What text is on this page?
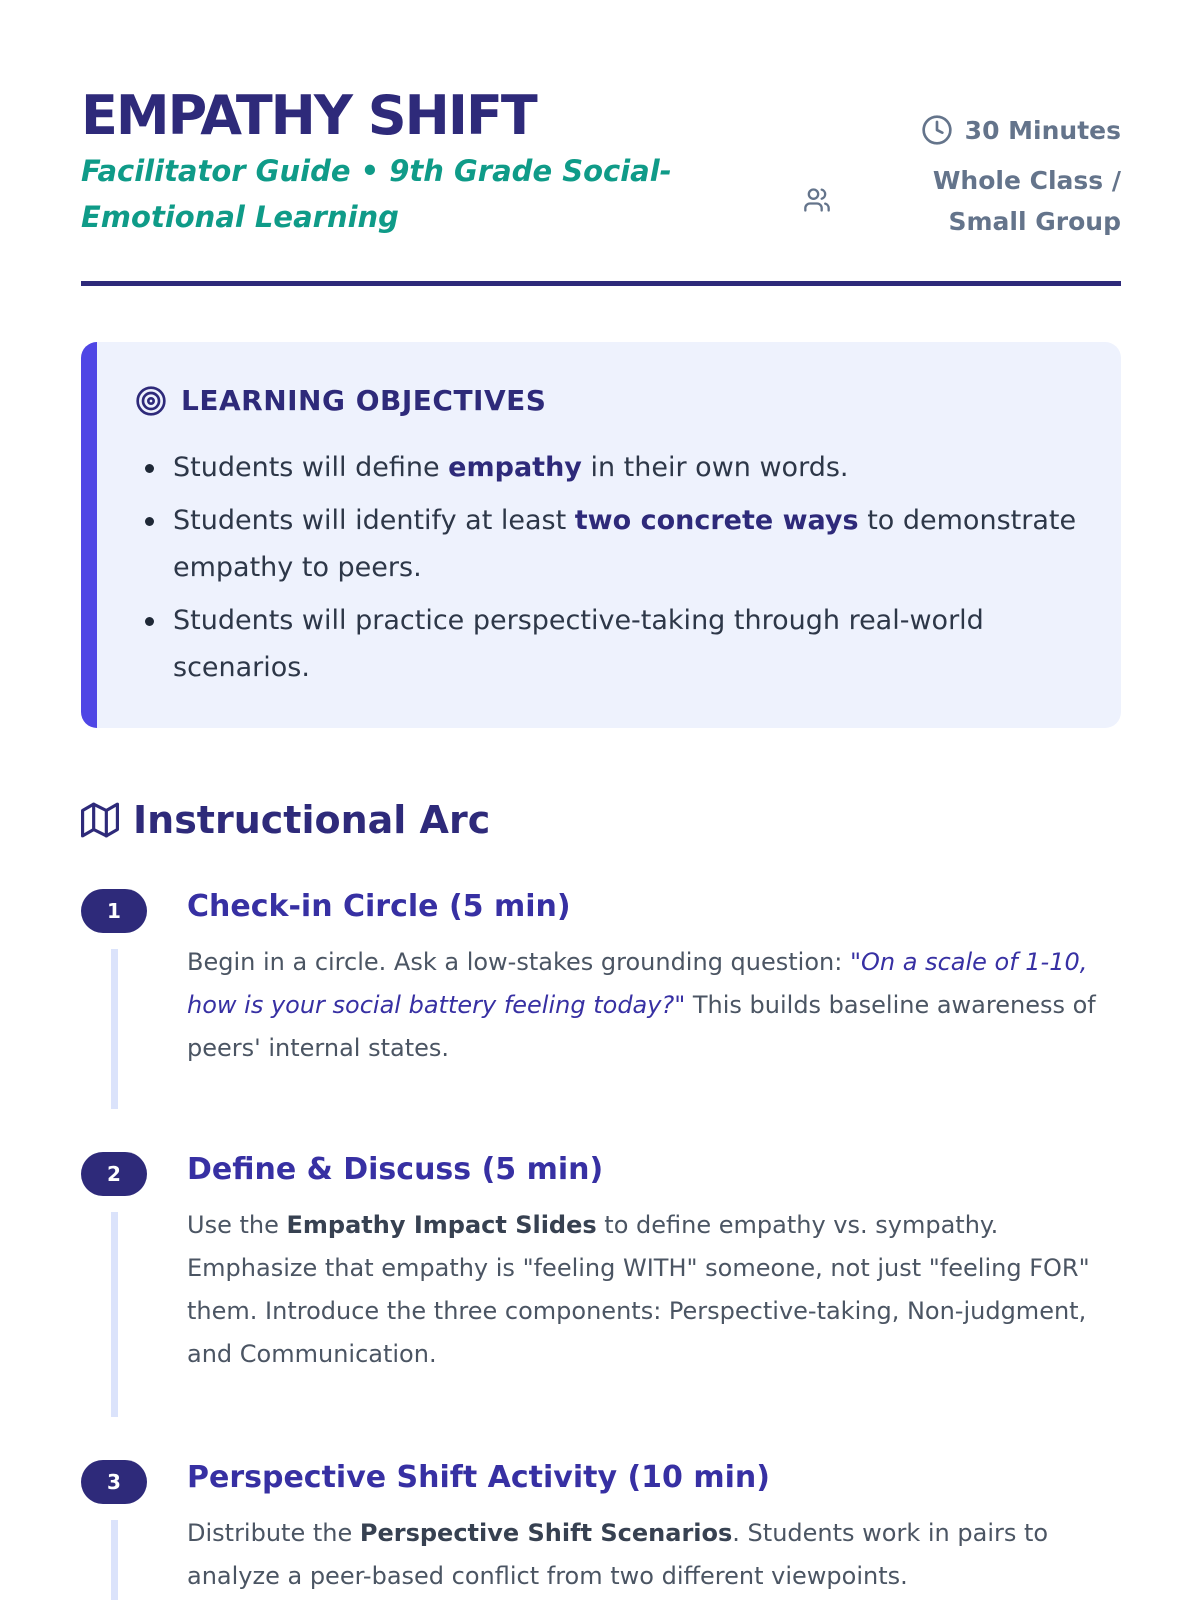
EMPATHY SHIFT
Facilitator Guide • 9th Grade Social-Emotional Learning
30 Minutes
Whole Class / Small Group
LEARNING OBJECTIVES
Students will define empathy in their own words.
Students will identify at least two concrete ways to demonstrate empathy to peers.
Students will practice perspective-taking through real-world scenarios.
Instructional Arc
1	Check-in Circle (5 min)
Begin in a circle. Ask a low-stakes grounding question: "On a scale of 1-10, how is your social battery feeling today?" This builds baseline awareness of peers' internal states.
2	Define & Discuss (5 min)
Use the Empathy Impact Slides to define empathy vs. sympathy. Emphasize that empathy is "feeling WITH" someone, not just "feeling FOR" them. Introduce the three components: Perspective-taking, Non-judgment, and Communication.
3	Perspective Shift Activity (10 min)
Distribute the Perspective Shift Scenarios. Students work in pairs to analyze a peer-based conflict from two different viewpoints.
